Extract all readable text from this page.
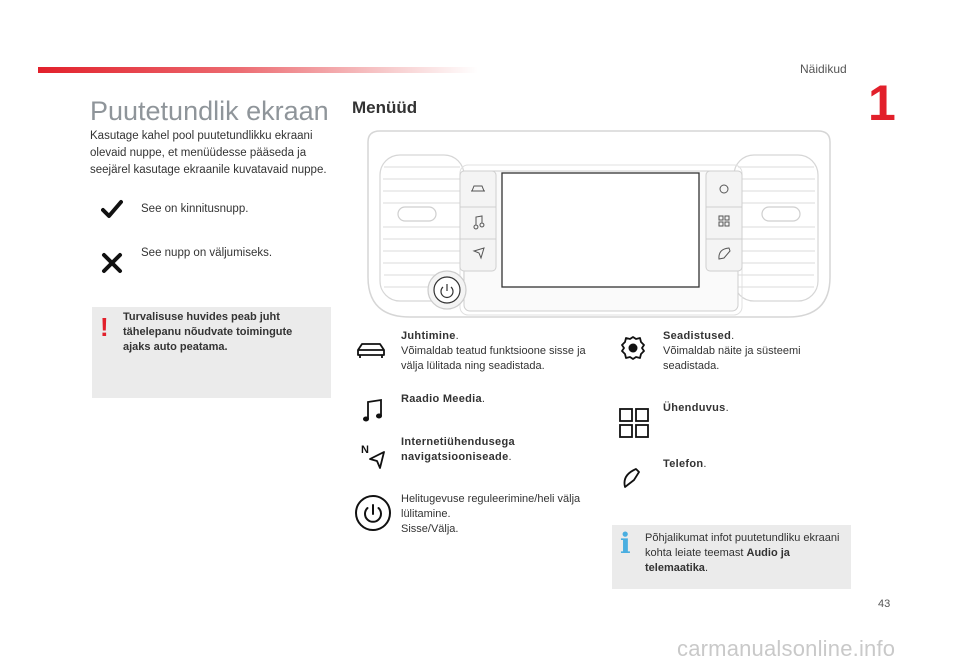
Näidikud
1
Puutetundlik ekraan
Kasutage kahel pool puutetundlikku ekraani olevaid nuppe, et menüüdesse pääseda ja seejärel kasutage ekraanile kuvatavaid nuppe.
See on kinnitusnupp.
See nupp on väljumiseks.
! Turvalisuse huvides peab juht tähelepanu nõudvate toimingute ajaks auto peatama.
Menüüd
Juhtimine.
Võimaldab teatud funktsioone sisse ja välja lülitada ning seadistada.
Raadio Meedia.
N
Internetiühendusega navigatsiooniseade.
Helitugevuse reguleerimine/heli välja lülitamine.
Sisse/Välja.
Seadistused.
Võimaldab näite ja süsteemi seadistada.
Ühenduvus.
Telefon.
i Põhjalikumat infot puutetundliku ekraani kohta leiate teemast Audio ja telemaatika.
43
carmanualsonline.info
